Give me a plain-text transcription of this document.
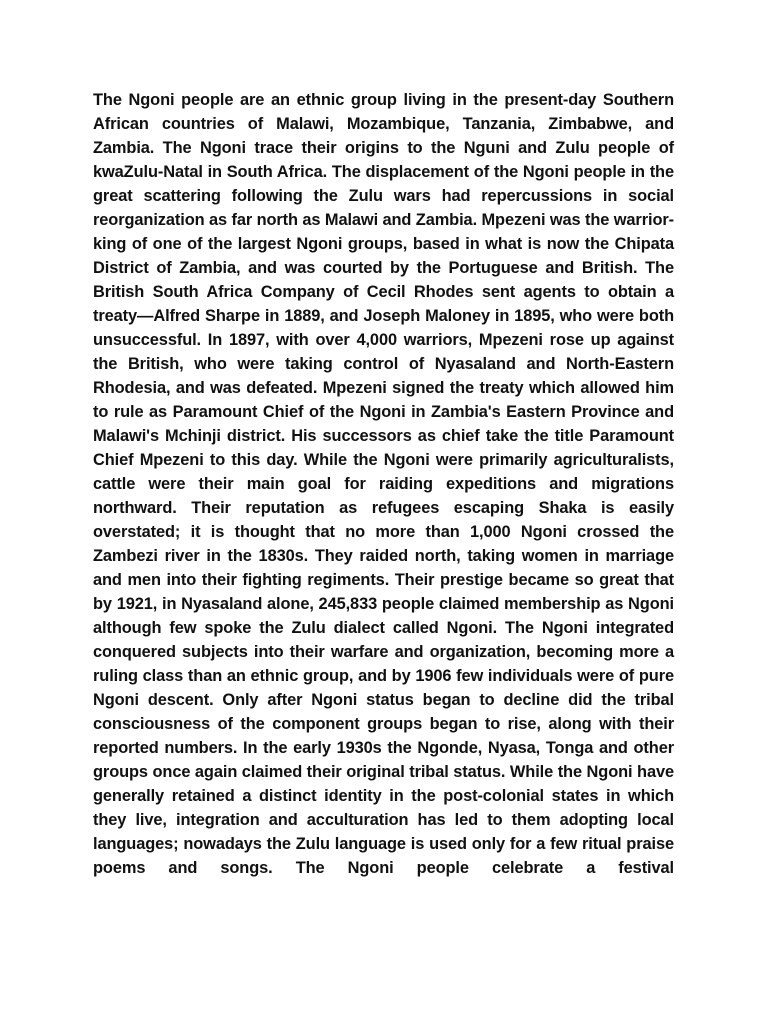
The Ngoni people are an ethnic group living in the present-day Southern African countries of Malawi, Mozambique, Tanzania, Zimbabwe, and Zambia. The Ngoni trace their origins to the Nguni and Zulu people of kwaZulu-Natal in South Africa. The displacement of the Ngoni people in the great scattering following the Zulu wars had repercussions in social reorganization as far north as Malawi and Zambia. Mpezeni was the warrior-king of one of the largest Ngoni groups, based in what is now the Chipata District of Zambia, and was courted by the Portuguese and British. The British South Africa Company of Cecil Rhodes sent agents to obtain a treaty—Alfred Sharpe in 1889, and Joseph Maloney in 1895, who were both unsuccessful. In 1897, with over 4,000 warriors, Mpezeni rose up against the British, who were taking control of Nyasaland and North-Eastern Rhodesia, and was defeated. Mpezeni signed the treaty which allowed him to rule as Paramount Chief of the Ngoni in Zambia's Eastern Province and Malawi's Mchinji district. His successors as chief take the title Paramount Chief Mpezeni to this day. While the Ngoni were primarily agriculturalists, cattle were their main goal for raiding expeditions and migrations northward. Their reputation as refugees escaping Shaka is easily overstated; it is thought that no more than 1,000 Ngoni crossed the Zambezi river in the 1830s. They raided north, taking women in marriage and men into their fighting regiments. Their prestige became so great that by 1921, in Nyasaland alone, 245,833 people claimed membership as Ngoni although few spoke the Zulu dialect called Ngoni. The Ngoni integrated conquered subjects into their warfare and organization, becoming more a ruling class than an ethnic group, and by 1906 few individuals were of pure Ngoni descent. Only after Ngoni status began to decline did the tribal consciousness of the component groups began to rise, along with their reported numbers. In the early 1930s the Ngonde, Nyasa, Tonga and other groups once again claimed their original tribal status. While the Ngoni have generally retained a distinct identity in the post-colonial states in which they live, integration and acculturation has led to them adopting local languages; nowadays the Zulu language is used only for a few ritual praise poems and songs. The Ngoni people celebrate a festival
